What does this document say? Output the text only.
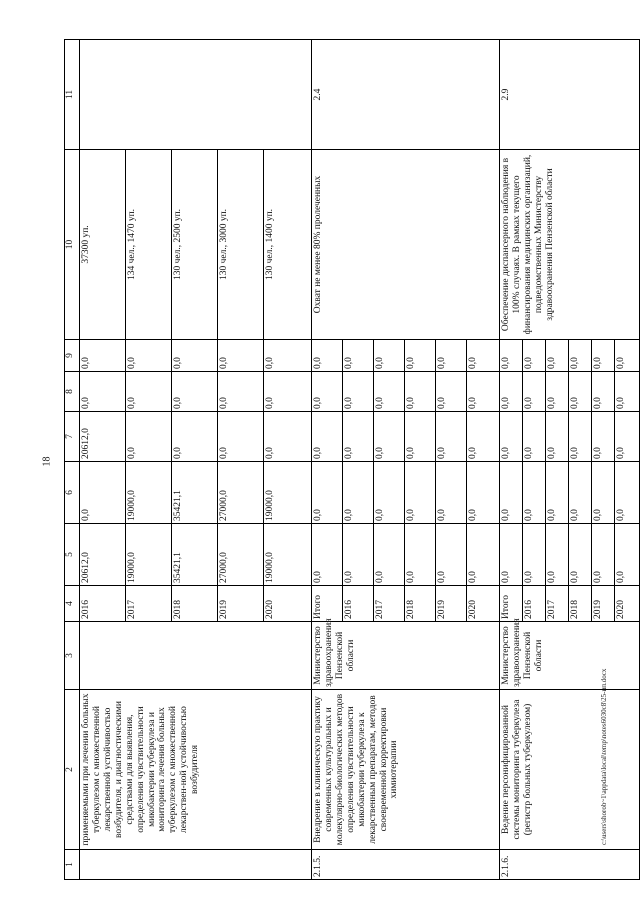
18
1	2	3	4	5	6	7	8	9	10	11
	применяемыми при лечении больных туберкулезом с множественной лекарственной устойчивостью возбудителя, и диагностическими средствами для выявления, определения чувствительности микобактерии туберкулеза и мониторинга лечения больных туберкулезом с множественной лекарствен-ной устойчивостью возбудителя		2016	20612,0	0,0	20612,0	0,0	0,0	37300 уп.	
			2017	19000,0	19000,0	0,0	0,0	0,0	134 чел., 1470 уп.	
			2018	35421,1	35421,1	0,0	0,0	0,0	130 чел., 2500 уп.	
			2019	27000,0	27000,0	0,0	0,0	0,0	130 чел., 3000 уп.	
			2020	19000,0	19000,0	0,0	0,0	0,0	130 чел., 1400 уп.	
2.1.5.	Внедрение в клиническую практику современных культуральных и молекулярно-биологических методов определения чувствительности микобактерии туберкулеза к лекарственным препаратам, методов своевременной корректировки химиотерапии	Министерство здравоохранения Пензенской области	Итого	0,0	0,0	0,0	0,0	0,0	Охват не менее 80% пролеченных	2.4
			2016	0,0	0,0	0,0	0,0	0,0		
			2017	0,0	0,0	0,0	0,0	0,0		
			2018	0,0	0,0	0,0	0,0	0,0		
			2019	0,0	0,0	0,0	0,0	0,0		
			2020	0,0	0,0	0,0	0,0	0,0		
2.1.6.	Ведение персонифицированной системы мониторинга туберкулеза (регистр больных туберкулезом)	Министерство здравоохранения Пензенской области	Итого	0,0	0,0	0,0	0,0	0,0	Обеспечение диспансерного наблюдения в 100% случаях. В рамках текущего финансирования медицинских организаций, подведомственных Министерству здравоохранения Пензенской области	2.9
			2016	0,0	0,0	0,0	0,0	0,0		
			2017	0,0	0,0	0,0	0,0	0,0		
			2018	0,0	0,0	0,0	0,0	0,0		
			2019	0,0	0,0	0,0	0,0	0,0		
			2020	0,0	0,0	0,0	0,0	0,0		
c:\users\shorob~1\appdata\local\temp\notes6030c8\25-ип.docx
